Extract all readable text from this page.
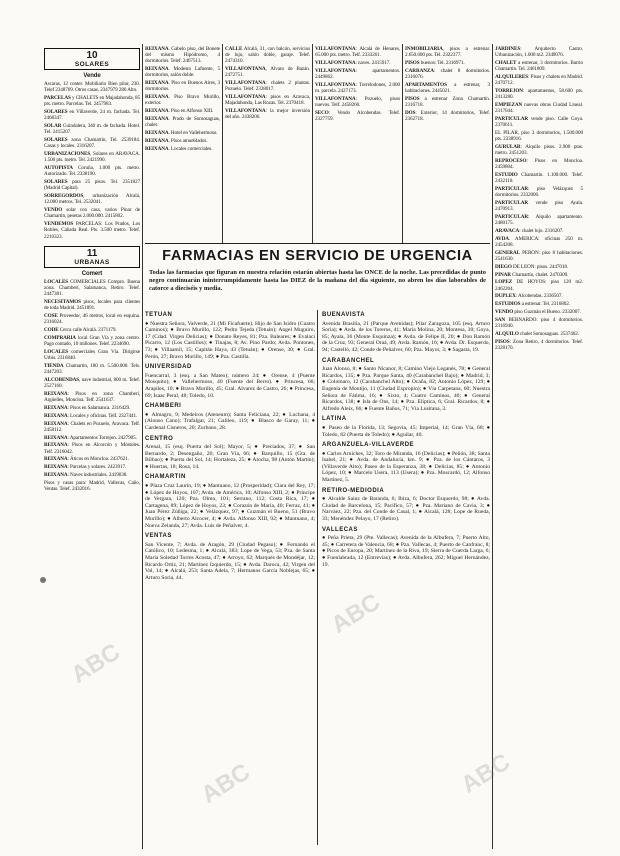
10
SOLARES
Vende

Ascaras, 12 conter. Mobiliario Bien pilar, 230. Telef 2348769. Otros casas. 2347979 280 Alto.

PARCELAS y CHALETS en Majadahonda, 85 pts. metro. Parcelas. Tel. 2457983.

SOLARES en Villaverde, 24 m. fachada. Tel. 2468347.

SOLAR Guindalera, 340 m. de fachada. Hotel. Tel. 2415207.

SOLARES zona Chamartin, Tel. 2539184. Casas y locales. 2316207.

URBANIZACIONES, Solares en ARAVACA. 1.500 pts. metro. Tel. 2421990.

AUTOPISTA Coruña, 1.000 pts. metro. Autorizado. Tel. 2338190.

SOLARES para 25 pisos. Tel. 2351827 (Madrid Capital).

SORREGORDOS, urbanización Alcalá, 12.000 metros. Tel. 2532041.

VENDO solar con casa, varios Pinar de Chamartin, pesetas 2.000.000. 2415802.

VENDEMOS PARCELAS: Los Prados, Los Robles, Cañada Real. Pts. 3.500 metro. Telef. 2210323.

11
URBANAS
Comert

LOCALES COMERCIALES Compro. Buena zona. Chamberí, Salamanca, Retiro. Telef. 2447381.

NECESITAMOS pisos, locales para clientes de toda Madrid. 2451891.

COSE Proveedor, 46 metros, local en esquina. 2316024.

CODE Cerca calle Alcalá. 2371179.

COMPRARIA local Gran Vía y zona centro. Pago contado, 10 millones. Telef. 2234690.

LOCALES comerciales Gran Vía. Dirigirse Urbis. 2316840.

TIENDA Chamartin, 180 m. 5.500.000. Tels. 2447203.

ALCOBENDAS, nave industrial, 800 m. Telef. 2527160.

REIXANA: Pisos en zona Chamberí, Argüelles, Moncloa. Telf. 2541637.

REIXANA: Pisos en Salamanca. 2316429.

REIXANA: Locales y oficinas. Telf. 2327441.

REIXANA: Chalets en Pozuelo, Aravaca. Telf. 2458112.

REIXANA: Apartamentos Torrejon. 2427905.

REIXANA: Pisos en Alcorcón y Móstoles. Telf. 2316042.

REIXANA: Áticos en Moncloa. 2437621.

REIXANA: Parcelas y solares. 2423917.

REIXANA: Naves industriales. 2419038.

Pisos y casas para: Madrid, Vallecas, Caño, Ventas. Telef. 2432016.

REIXANA. Gabelo piso, del Bonete del mismo Hipódromo, 4 dormitorios. Telef. 2467513.

REIXANA. Modesto Lafuente, 5 dormitorios, salón doble.

REIXANA. Piso en Buenos Aires, 3 dormitorios.

REIXANA. Piso Bravo Murillo, exterior.

REIXANA. Piso en Alfonso XIII.

REIXANA. Prado de Somosaguas, chalet.

REIXANA. Hotel en Vallehermoso.

REIXANA. Pisos amueblados.

REIXANA. Locales comerciales.

CALLE Alcalá, 31, con balcón, servicios de lujo, salón doble, garaje. Telef. 2474310.

VILLAFONTANA, Alvaro de Bazán. 2472751.

VILLAFONTANA: chalets 2 plantas. Pozuelo. Telef. 2338017.

VILLAFONTANA: pisos en Aravaca, Majadahonda, Las Rozas. Tel. 2370418.

VILLAFONTANA: la mejor inversión del año. 2438206.

VILLAFONTANA: Alcalá de Henares, 65.000 pts. metro. Telf. 2333261.

VILLAFONTANA: naves. 2415917.

VILLAFONTANA: apartamentos. 2449862.

VILLAFONTANA: Torrelodones, 2.000 m. parcela. 2427173.

VILLAFONTANA: Pozuelo, pisos nuevos. Telf. 2458260.

SECO: Vendo Alcobendas. Telef. 2327759.

INMOBILIARIA, pisos a estrenar. 2.650.000 pts. Tel. 2322377.

PISOS buenos: Tel. 2316971.

CARRANZA: chalet 8 dormitorios. 2316076.

APARTAMENTOS a estrenar, 3 habitaciones. 2445021.

PISOS a estrenar Zona Chamartín. 2316718.

DOS: Exterior, 14 dormitorios, Telef. 2362718.

JARDINES: Arquitecto Castro. Urbanización, 1.000 m2. 2349076.

CHALET a estrenar, 3 dormitorios. Barrio Chamartín. Tel. 2461809.

ALQUILERES: Pisos y chalets en Madrid. 2470712.

TORREJON: apartamentos, 58.600 pts. 2413280.

EMPIEZAN nuevas obras Ciudad Lineal. 2317044.

PARTICULAR vende piso. Calle Goya. 2370611.

EL PILAR, piso 3 dormitorios, 1.500.000 pts. 2338916.

GURULAR: Alquilo pisos. 2.900 ptas. metro. 2451203.

REPROCESO: Pisos en Moncloa. 2459804.

ESTUDIO Chamartin. 1.100.000. Telef. 2432110.

PARTICULAR: piso Velázquez 5 dormitorios. 2332006.

PARTICULAR vende piso Ayala. 2470913.

PARTICULAR: Alquilo apartamento. 2480175.

ARAVACA: chalet lujo. 2316207.

AVDA. AMERICA: oficinas 250 m. 2454208.

GENERAL PERON: piso 8 habitaciones. 2541630.

DIEGO DE LEON: pisos. 2447018.

PINAR Chamartín, chalet. 2470309.

LOPEZ DE HOYOS: piso 120 m2. 2462204.

DUPLEX: Alcobendas. 2336507.

ESTUDIOS a estrenar. Tel. 2316802.

VENDO piso Guzmán el Bueno. 2332007.

SAN BERNARDO: piso 4 dormitorios. 2316940.

ALQUILO chalet Somosaguas. 2537402.

PISOS: Zona Retiro, 4 dormitorios. Telef. 2328170.

FARMACIAS EN SERVICIO DE URGENCIA
Todas las farmacias que figuran en nuestra relación estarán abiertas hasta las ONCE de la noche. Las precedidas de punto negro continuarán ininterrumpidamente hasta las DIEZ de la mañana del día siguiente, no abren los días laborables de catorce a dieciséis y media.
TETUAN
● Nuestra Señora, Valverde, 21 (Mi Ficafuerte). Hijo de San Isidro (Cuatro Caminos); ● Bravo Murillo, 122; Pedro Tejeda (Tetuán); Angel Muguiro, 17 (Cdad. Virgen Delicias); ● Donato Reyes, 81; Pza. Baleares; ● Evalaci Picarro, 12 (Los Castillos); ● Tinajas, 8; Av. Pino Pardo; Avda. Pontones, 73; ● Villaamil, 15; Capitán Haya, 43 (Tetuán); ● Orense, 30; ● Gral. Perón, 27; Bravo Murillo, 149; ● Pza. Castilla.
UNIVERSIDAD
Fuencarral, 3 (esq. a San Mateo); número 24; ● Orense, 4 (Puente Mosquito); ● Vallehermoso, 40 (Fuente del Berro). ● Princesa, 66; Arapiles, 10; ● Bravo Murillo, 45; Gral. Alvarez de Castro, 26; ● Princesa, 69; Isaac Peral, 48; Toledo, 10.
CHAMBERI
● Almagro, 9; Medeiros (Ateneum); Santa Feliciana, 22; ● Luchana, 4 (Alonso Cano); Trafalgar, 21; Galileo, 119; ● Blasco de Garay, 11; ● Cardenal Cisneros, 20; Zurbano, 28.
CENTRO
Arenal, 15 (esq. Puerta del Sol); Mayor, 5; ● Preciados, 37; ● San Bernardo, 2; Desengaño, 26; Gran Vía, 66; ● Barquillo, 15 (Gta. de Bilbao); ● Puerta del Sol, 14; Hortaleza, 25; ● Atocha, 98 (Antón Martín); ● Huertas, 18; Rosa, 14.
CHAMARTIN
● Plaza Cruz Laurín, 19; ● Mantuano, 12 (Prosperidad); Clara del Rey, 17; ● López de Hoyos, 107; Avda. de América, 10; Alfonso XIII, 2; ● Principe de Vergara, 120; Pza. Olmo, 101; Serrano, 112; Costa Rica, 17; ● Cartagena, 89; López de Hoyos, 23; ● Corazón de María, 40; Ferraz, 41; ● Juan Pérez Zúñiga, 22; ● Velázquez, 97; ● Guzmán el Bueno, 51 (Bravo Murillo); ● Alberto Alcocer, 4; ● Avda. Alfonso XIII, 92; ● Mantuano, 4; Nueva Zelanda, 27; Avda. Luis de Peñalver, 4.
VENTAS
San Vicente, 7; Avda. de Aragón, 29 (Ciudad Pegaso); ● Fernando el Católico, 10; Ledesma, 1; ● Alcalá, 383; Lope de Vega, 53; Pza. de Santa María Soledad Torres Acosta, 47; ● Arroyo, 62; Marqués de Mondéjar, 12; Ricardo Ortiz, 21; Martínez Izquierdo, 15; ● Avda. Daroca, 42; Virgen del Val, 14; ● Alcalá, 253; Santa Adela, 7; Hermanos García Noblejas, 65; ● Arturo Soria, 44.
BUENAVISTA
Avenida Brasilia, 21 (Parque Avenidas); Pilar Zaragoza, 105 (esq. Arturo Soria); ● Avda. de los Toreros, 41; María Molina, 20; Montesa, 30; Goya, 85; Ayala, 36 (Monte Esquinza); ● Avda. de Felipe II, 20; ● Don Ramón de la Cruz, 93; General Oraá, 49; Avda. Ramón, 16; ● Avda. Dr. Esquerdo, 94; Castelló, 42; Conde de Peñalver, 60; Pza. Mayor, 3; ● Sagasta, 19.
CARABANCHEL
Juan Alonso, 8; ● Santo Nicanor, 8; Camino Viejo Leganés, 78; ● General Ricardos, 135; ● Pza. Parque Santa, 40 (Carabanchel Bajo); ● Madrid, 3; ● Colomaro, 12 (Carabanchel Alto); ● Ocaña, 82; Antonio López, 129; ● Eugenia de Montijo, 11 (Ciudad Expropio); ● Vía Carpetana, 60; Nuestra Señora de Fátima, 16; ● Sixto, 4; Cuatro Caminos, 40; ● General Ricardos, 138; ● Isla de Ons, 14; ● Pza. Elíptica, 6; Gral. Ricardos, 8; ● Alfredo Aleix, 66; ● Fuente Baños, 71; Vía Lusitana, 3.
LATINA
● Paseo de la Florida, 13; Segovia, 45; Imperial, 14; Gran Vía, 68; ● Toledo, 82 (Puerta de Toledo); ● Aguilar, 40.
ARGANZUELA-VILLAVERDE
● Carlos Arniches, 32; Toro de Miranda, 16 (Delicias); ● Peñón, 38; Santa Isabel, 21; ● Avda. de Andalucía, km. 9; ● Pza. de los Cántaros, 3 (Villaverde Alto); Paseo de la Esperanza, 38; ● Delicias, 85; ● Antonio López, 10; ● Marcelo Usera, 113 (Usera); ● Pza. Moscardó, 12; Alfonso Martínez, 5.
RETIRO-MEDIODIA
● Alcalde Sainz de Baranda, 6; Ibiza, 6; Doctor Esquerdo, 98; ● Avda. Ciudad de Barcelona, 15; Pacífico, 57; ● Pza. Mariano de Cavia, 3; ● Narváez, 22; Pza. del Conde de Casal, 1; ● Alcalá, 128; Lope de Rueda, 33; Menéndez Pelayo, 17 (Retiro).
VALLECAS
● Peña Prieta, 29 (Pte. Vallecas); Avenida de la Albufera, 7; Puerto Alto, 45; ● Carretera de Valencia, 68; ● Pza. Vallecas, 4; Puerto de Canfranc, 8; ● Picos de Europa, 20; Martínez de la Riva, 19; Sierra de Cuerda Larga, 6; ● Fuenlabrada, 12 (Entrevías); ● Avda. Albufera, 262; Miguel Hernández, 19.
ABC
ABC
ABC
ABC
